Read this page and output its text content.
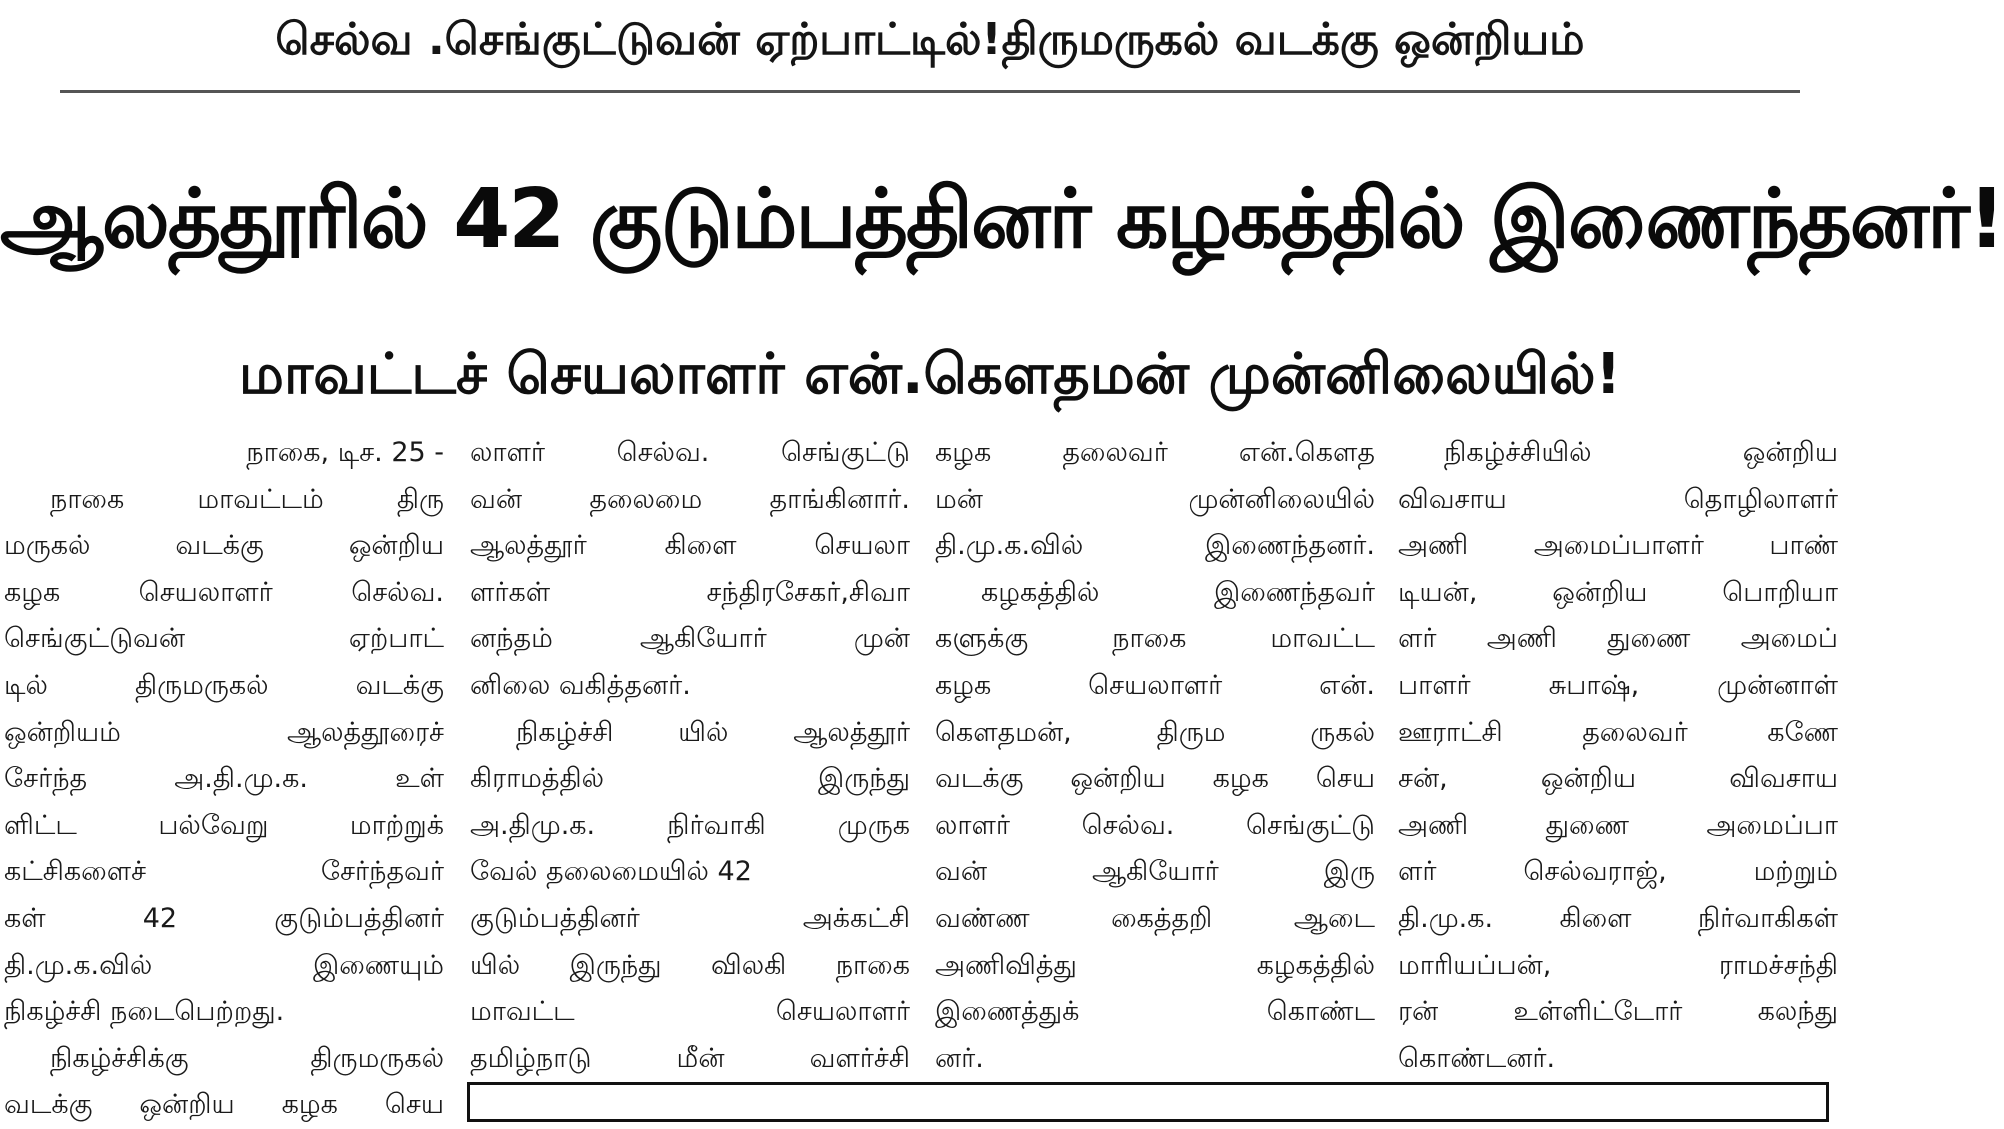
செல்வ .செங்குட்டுவன் ஏற்பாட்டில்!திருமருகல் வடக்கு ஒன்றியம்
ஆலத்தூரில் 42 குடும்பத்தினர் கழகத்தில் இணைந்தனர்!
மாவட்டச் செயலாளர் என்.கௌதமன் முன்னிலையில்!
நாகை, டிச. 25 -
நாகை மாவட்டம் திரு
மருகல் வடக்கு ஒன்றிய
கழக செயலாளர் செல்வ.
செங்குட்டுவன் ஏற்பாட்
டில் திருமருகல் வடக்கு
ஒன்றியம் ஆலத்தூரைச்
சேர்ந்த அ.தி.மு.க. உள்
ளிட்ட பல்வேறு மாற்றுக்
கட்சிகளைச் சேர்ந்தவர்
கள் 42 குடும்பத்தினர்
தி.மு.க.வில் இணையும்
நிகழ்ச்சி நடைபெற்றது.
நிகழ்ச்சிக்கு திருமருகல்
வடக்கு ஒன்றிய கழக செய
லாளர் செல்வ. செங்குட்டு
வன் தலைமை தாங்கினார்.
ஆலத்தூர் கிளை செயலா
ளர்கள் சந்திரசேகர்,சிவா
னந்தம் ஆகியோர் முன்
னிலை வகித்தனர்.
நிகழ்ச்சி யில் ஆலத்தூர்
கிராமத்தில் இருந்து
அ.திமு.க. நிர்வாகி முருக
வேல் தலைமையில் 42
குடும்பத்தினர் அக்கட்சி
யில் இருந்து விலகி நாகை
மாவட்ட செயலாளர்
தமிழ்நாடு மீன் வளர்ச்சி
கழக தலைவர் என்.கௌத
மன் முன்னிலையில்
தி.மு.க.வில் இணைந்தனர்.
கழகத்தில் இணைந்தவர்
களுக்கு நாகை மாவட்ட
கழக செயலாளர் என்.
கௌதமன், திரும ருகல்
வடக்கு ஒன்றிய கழக செய
லாளர் செல்வ. செங்குட்டு
வன் ஆகியோர் இரு
வண்ண கைத்தறி ஆடை
அணிவித்து கழகத்தில்
இணைத்துக் கொண்ட
னர்.
நிகழ்ச்சியில் ஒன்றிய
விவசாய தொழிலாளர்
அணி அமைப்பாளர் பாண்
டியன், ஒன்றிய பொறியா
ளர் அணி துணை அமைப்
பாளர் சுபாஷ், முன்னாள்
ஊராட்சி தலைவர் கணே
சன், ஒன்றிய விவசாய
அணி துணை அமைப்பா
ளர் செல்வராஜ், மற்றும்
தி.மு.க. கிளை நிர்வாகிகள்
மாரியப்பன், ராமச்சந்தி
ரன் உள்ளிட்டோர் கலந்து
கொண்டனர்.
